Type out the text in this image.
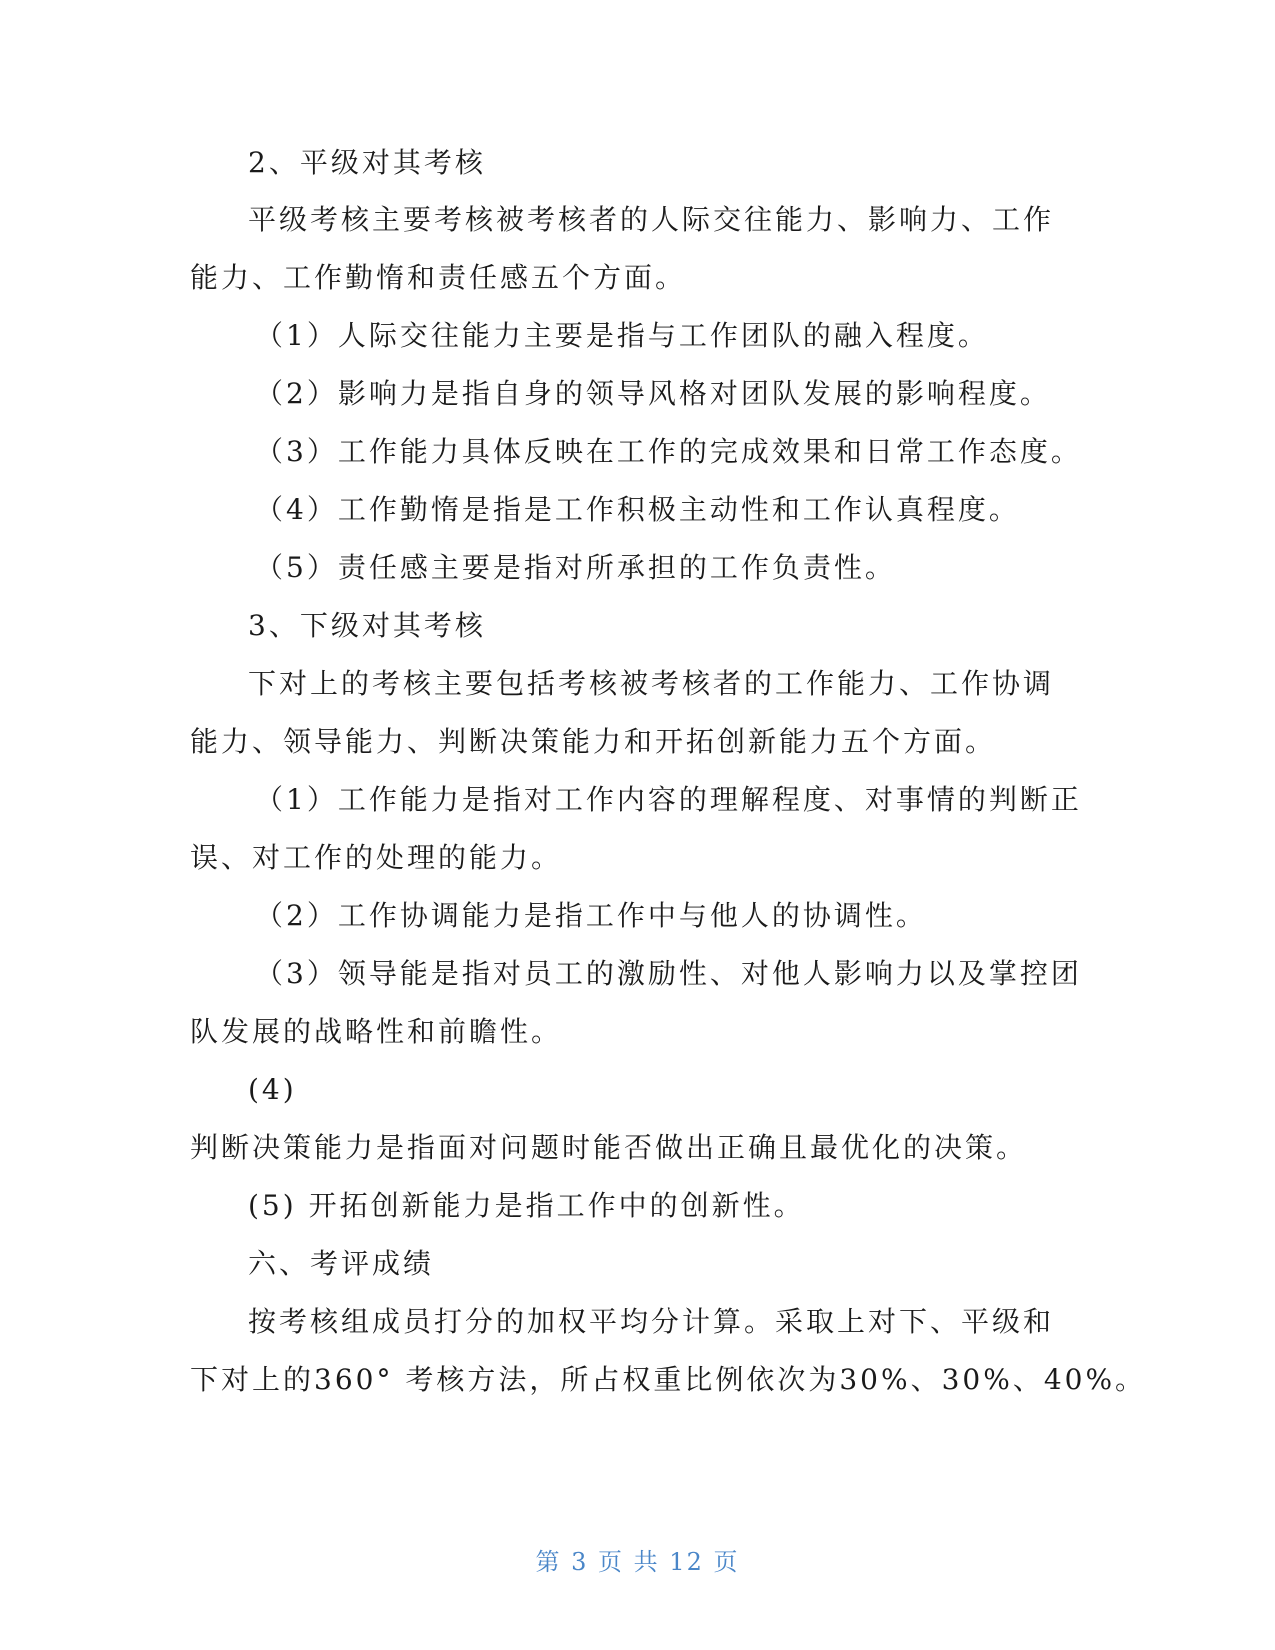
2、平级对其考核
平级考核主要考核被考核者的人际交往能力、影响力、工作
能力、工作勤惰和责任感五个方面。
（1）人际交往能力主要是指与工作团队的融入程度。
（2）影响力是指自身的领导风格对团队发展的影响程度。
（3）工作能力具体反映在工作的完成效果和日常工作态度。
（4）工作勤惰是指是工作积极主动性和工作认真程度。
（5）责任感主要是指对所承担的工作负责性。
3、下级对其考核
下对上的考核主要包括考核被考核者的工作能力、工作协调
能力、领导能力、判断决策能力和开拓创新能力五个方面。
（1）工作能力是指对工作内容的理解程度、对事情的判断正
误、对工作的处理的能力。
（2）工作协调能力是指工作中与他人的协调性。
（3）领导能是指对员工的激励性、对他人影响力以及掌控团
队发展的战略性和前瞻性。
(4)
判断决策能力是指面对问题时能否做出正确且最优化的决策。
(5) 开拓创新能力是指工作中的创新性。
六、考评成绩
按考核组成员打分的加权平均分计算。采取上对下、平级和
下对上的360° 考核方法，所占权重比例依次为30%、30%、40%。
第 3 页 共 12 页
